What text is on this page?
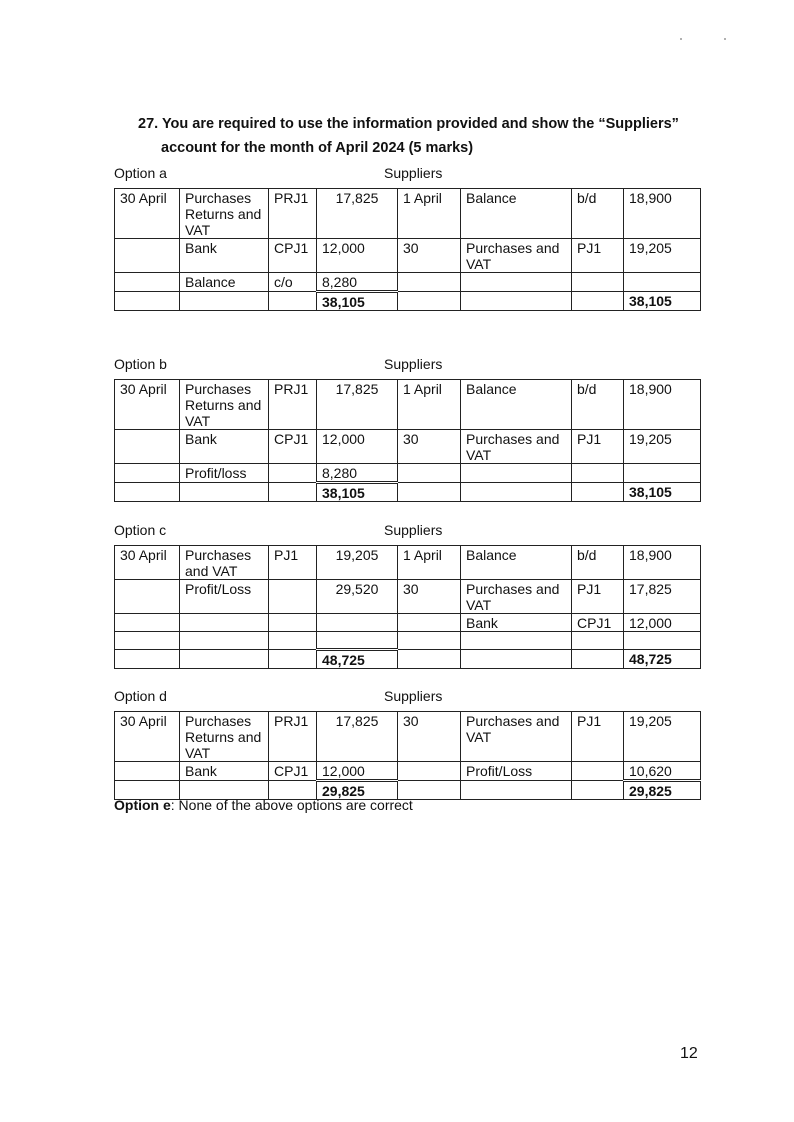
27. You are required to use the information provided and show the “Suppliers”
account for the month of April 2024 (5 marks)
Option a	Suppliers
30 April	Purchases Returns and VAT	PRJ1	17,825	1 April	Balance	b/d	18,900
	Bank	CPJ1	12,000	30	Purchases and VAT	PJ1	19,205
	Balance	c/o	8,280				
			38,105				38,105
Option b	Suppliers
30 April	Purchases Returns and VAT	PRJ1	17,825	1 April	Balance	b/d	18,900
	Bank	CPJ1	12,000	30	Purchases and VAT	PJ1	19,205
	Profit/loss		8,280				
			38,105				38,105
Option c	Suppliers
30 April	Purchases and VAT	PJ1	19,205	1 April	Balance	b/d	18,900
	Profit/Loss		29,520	30	Purchases and VAT	PJ1	17,825
					Bank	CPJ1	12,000

			48,725				48,725
Option d	Suppliers
30 April	Purchases Returns and VAT	PRJ1	17,825	30	Purchases and VAT	PJ1	19,205
	Bank	CPJ1	12,000		Profit/Loss		10,620
			29,825				29,825
Option e: None of the above options are correct
12
